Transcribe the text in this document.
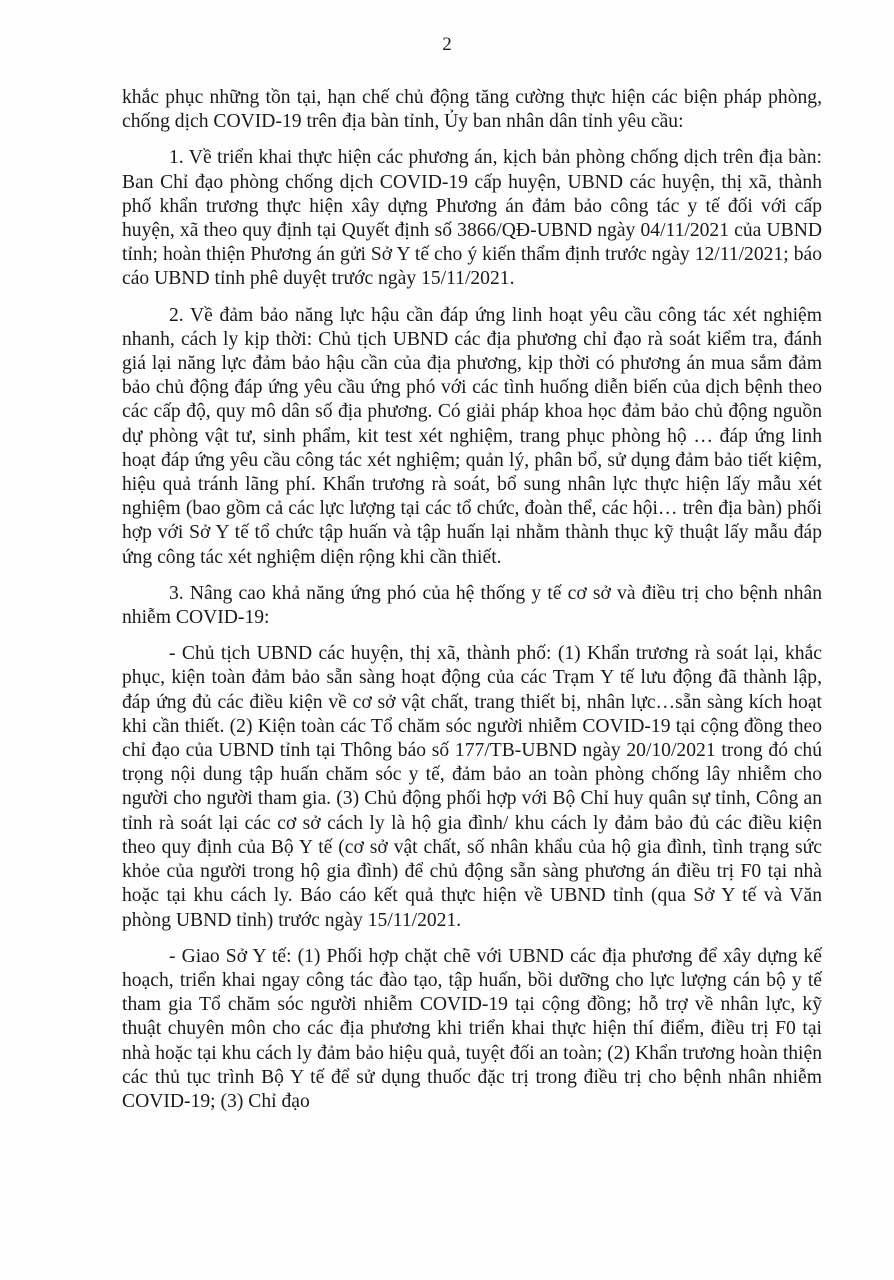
2

khắc phục những tồn tại, hạn chế chủ động tăng cường thực hiện các biện pháp phòng, chống dịch COVID-19 trên địa bàn tỉnh, Ủy ban nhân dân tỉnh yêu cầu:

1. Về triển khai thực hiện các phương án, kịch bản phòng chống dịch trên địa bàn: Ban Chỉ đạo phòng chống dịch COVID-19 cấp huyện, UBND các huyện, thị xã, thành phố khẩn trương thực hiện xây dựng Phương án đảm bảo công tác y tế đối với cấp huyện, xã theo quy định tại Quyết định số 3866/QĐ-UBND ngày 04/11/2021 của UBND tỉnh; hoàn thiện Phương án gửi Sở Y tế cho ý kiến thẩm định trước ngày 12/11/2021; báo cáo UBND tỉnh phê duyệt trước ngày 15/11/2021.

2. Về đảm bảo năng lực hậu cần đáp ứng linh hoạt yêu cầu công tác xét nghiệm nhanh, cách ly kịp thời: Chủ tịch UBND các địa phương chỉ đạo rà soát kiểm tra, đánh giá lại năng lực đảm bảo hậu cần của địa phương, kịp thời có phương án mua sắm đảm bảo chủ động đáp ứng yêu cầu ứng phó với các tình huống diễn biến của dịch bệnh theo các cấp độ, quy mô dân số địa phương. Có giải pháp khoa học đảm bảo chủ động nguồn dự phòng vật tư, sinh phẩm, kit test xét nghiệm, trang phục phòng hộ … đáp ứng linh hoạt đáp ứng yêu cầu công tác xét nghiệm; quản lý, phân bổ, sử dụng đảm bảo tiết kiệm, hiệu quả tránh lãng phí. Khẩn trương rà soát, bổ sung nhân lực thực hiện lấy mẫu xét nghiệm (bao gồm cả các lực lượng tại các tổ chức, đoàn thể, các hội… trên địa bàn) phối hợp với Sở Y tế tổ chức tập huấn và tập huấn lại nhằm thành thục kỹ thuật lấy mẫu đáp ứng công tác xét nghiệm diện rộng khi cần thiết.

3. Nâng cao khả năng ứng phó của hệ thống y tế cơ sở và điều trị cho bệnh nhân nhiễm COVID-19:

- Chủ tịch UBND các huyện, thị xã, thành phố: (1) Khẩn trương rà soát lại, khắc phục, kiện toàn đảm bảo sẵn sàng hoạt động của các Trạm Y tế lưu động đã thành lập, đáp ứng đủ các điều kiện về cơ sở vật chất, trang thiết bị, nhân lực…sẵn sàng kích hoạt khi cần thiết. (2) Kiện toàn các Tổ chăm sóc người nhiễm COVID-19 tại cộng đồng theo chỉ đạo của UBND tỉnh tại Thông báo số 177/TB-UBND ngày 20/10/2021 trong đó chú trọng nội dung tập huấn chăm sóc y tế, đảm bảo an toàn phòng chống lây nhiễm cho người cho người tham gia. (3) Chủ động phối hợp với Bộ Chỉ huy quân sự tỉnh, Công an tỉnh rà soát lại các cơ sở cách ly là hộ gia đình/ khu cách ly đảm bảo đủ các điều kiện theo quy định của Bộ Y tế (cơ sở vật chất, số nhân khẩu của hộ gia đình, tình trạng sức khỏe của người trong hộ gia đình) để chủ động sẵn sàng phương án điều trị F0 tại nhà hoặc tại khu cách ly. Báo cáo kết quả thực hiện về UBND tỉnh (qua Sở Y tế và Văn phòng UBND tỉnh) trước ngày 15/11/2021.

- Giao Sở Y tế: (1) Phối hợp chặt chẽ với UBND các địa phương để xây dựng kế hoạch, triển khai ngay công tác đào tạo, tập huấn, bồi dưỡng cho lực lượng cán bộ y tế tham gia Tổ chăm sóc người nhiễm COVID-19 tại cộng đồng; hỗ trợ về nhân lực, kỹ thuật chuyên môn cho các địa phương khi triển khai thực hiện thí điểm, điều trị F0 tại nhà hoặc tại khu cách ly đảm bảo hiệu quả, tuyệt đối an toàn; (2) Khẩn trương hoàn thiện các thủ tục trình Bộ Y tế để sử dụng thuốc đặc trị trong điều trị cho bệnh nhân nhiễm COVID-19; (3) Chỉ đạo
